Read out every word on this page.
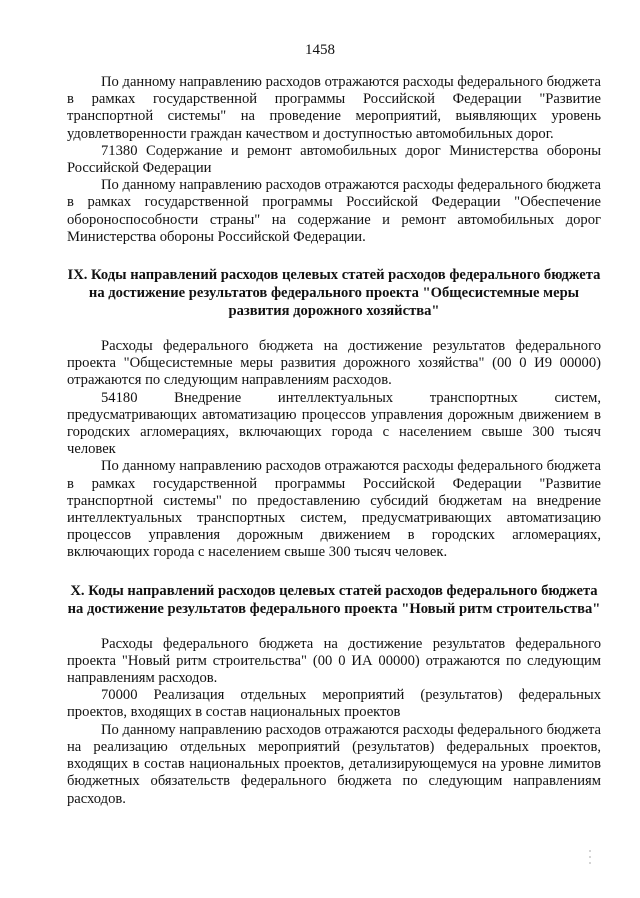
1458

По данному направлению расходов отражаются расходы федерального бюджета в рамках государственной программы Российской Федерации "Развитие транспортной системы" на проведение мероприятий, выявляющих уровень удовлетворенности граждан качеством и доступностью автомобильных дорог.

71380 Содержание и ремонт автомобильных дорог Министерства обороны Российской Федерации

По данному направлению расходов отражаются расходы федерального бюджета в рамках государственной программы Российской Федерации "Обеспечение обороноспособности страны" на содержание и ремонт автомобильных дорог Министерства обороны Российской Федерации.

IX. Коды направлений расходов целевых статей расходов федерального бюджета на достижение результатов федерального проекта "Общесистемные меры развития дорожного хозяйства"

Расходы федерального бюджета на достижение результатов федерального проекта "Общесистемные меры развития дорожного хозяйства" (00 0 И9 00000) отражаются по следующим направлениям расходов.

54180 Внедрение интеллектуальных транспортных систем, предусматривающих автоматизацию процессов управления дорожным движением в городских агломерациях, включающих города с населением свыше 300 тысяч человек

По данному направлению расходов отражаются расходы федерального бюджета в рамках государственной программы Российской Федерации "Развитие транспортной системы" по предоставлению субсидий бюджетам на внедрение интеллектуальных транспортных систем, предусматривающих автоматизацию процессов управления дорожным движением в городских агломерациях, включающих города с населением свыше 300 тысяч человек.

X. Коды направлений расходов целевых статей расходов федерального бюджета на достижение результатов федерального проекта "Новый ритм строительства"

Расходы федерального бюджета на достижение результатов федерального проекта "Новый ритм строительства" (00 0 ИА 00000) отражаются по следующим направлениям расходов.

70000 Реализация отдельных мероприятий (результатов) федеральных проектов, входящих в состав национальных проектов

По данному направлению расходов отражаются расходы федерального бюджета на реализацию отдельных мероприятий (результатов) федеральных проектов, входящих в состав национальных проектов, детализирующемуся на уровне лимитов бюджетных обязательств федерального бюджета по следующим направлениям расходов.
